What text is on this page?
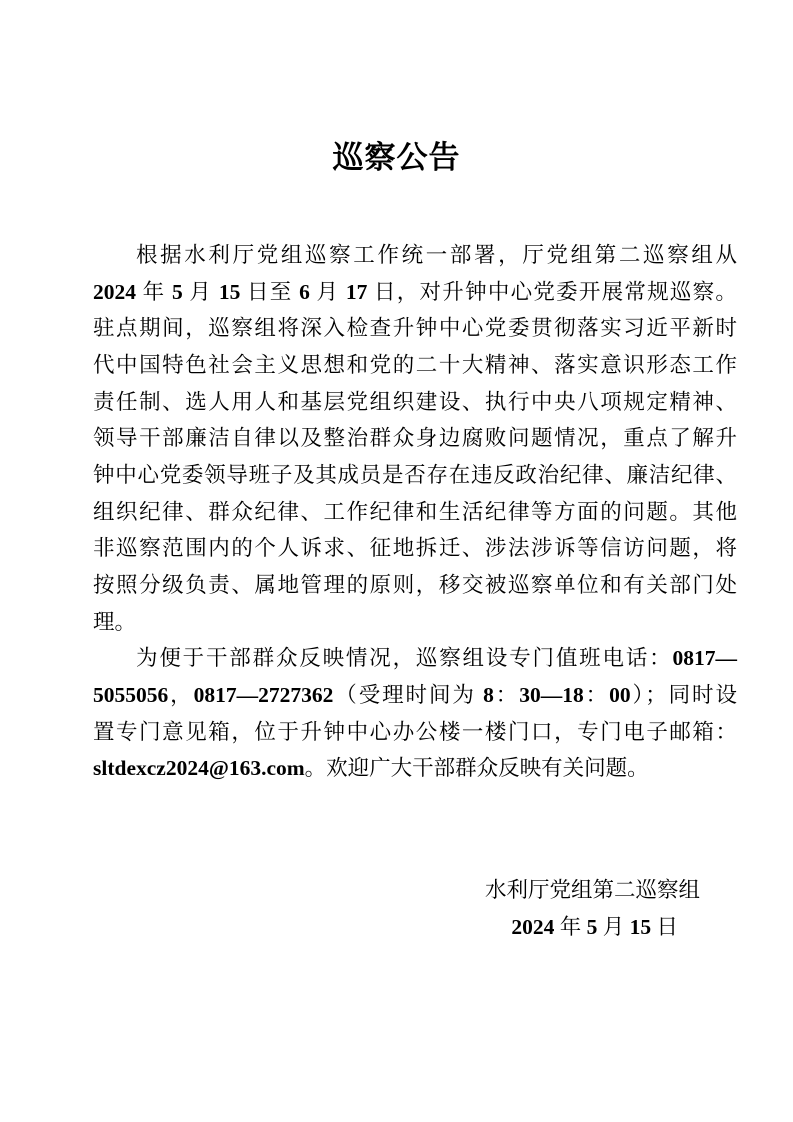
巡察公告
根据水利厅党组巡察工作统一部署，厅党组第二巡察组从
2024 年 5 月 15 日至 6 月 17 日，对升钟中心党委开展常规巡察。
驻点期间，巡察组将深入检查升钟中心党委贯彻落实习近平新时
代中国特色社会主义思想和党的二十大精神、落实意识形态工作
责任制、选人用人和基层党组织建设、执行中央八项规定精神、
领导干部廉洁自律以及整治群众身边腐败问题情况，重点了解升
钟中心党委领导班子及其成员是否存在违反政治纪律、廉洁纪律、
组织纪律、群众纪律、工作纪律和生活纪律等方面的问题。其他
非巡察范围内的个人诉求、征地拆迁、涉法涉诉等信访问题，将
按照分级负责、属地管理的原则，移交被巡察单位和有关部门处
理。
为便于干部群众反映情况，巡察组设专门值班电话：0817—
5055056，0817—2727362（受理时间为 8：30—18：00）；同时设
置专门意见箱，位于升钟中心办公楼一楼门口，专门电子邮箱：
sltdexcz2024@163.com。欢迎广大干部群众反映有关问题。
水利厅党组第二巡察组
2024 年 5 月 15 日
